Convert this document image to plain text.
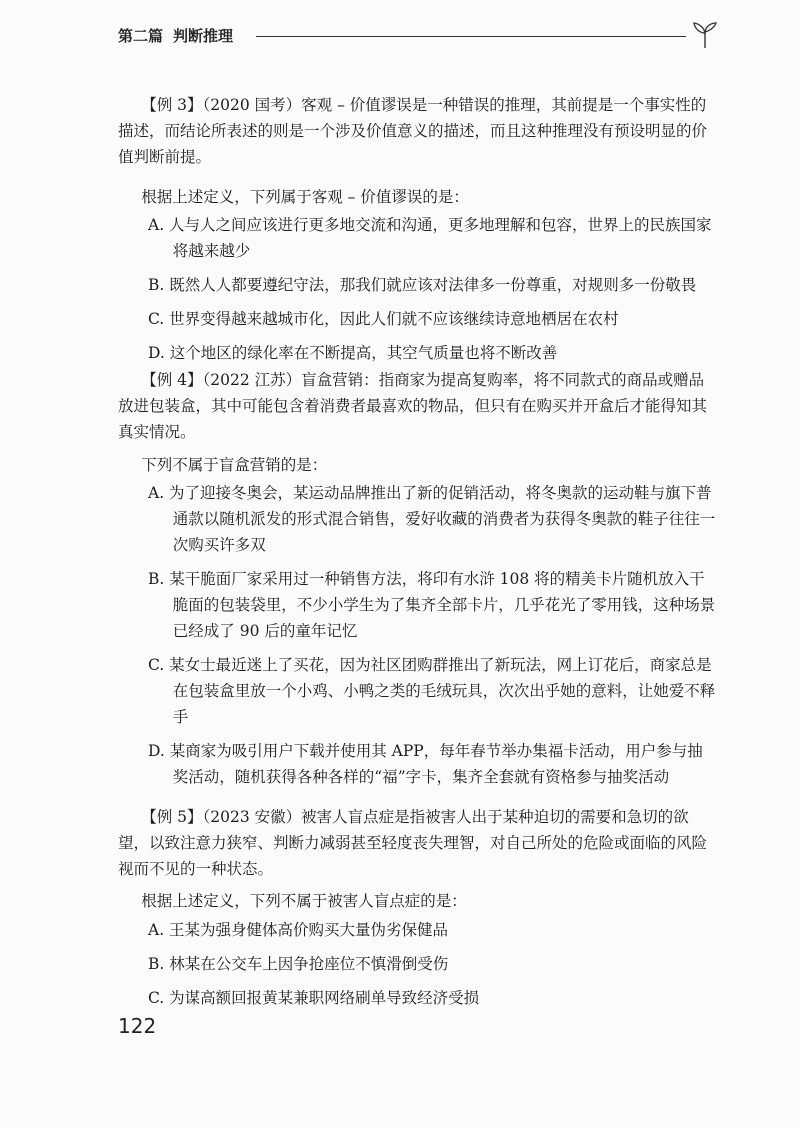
第二篇 判断推理
【例 3】（2020 国考）客观 – 价值谬误是一种错误的推理，其前提是一个事实性的描述，而结论所表述的则是一个涉及价值意义的描述，而且这种推理没有预设明显的价值判断前提。
根据上述定义，下列属于客观 – 价值谬误的是：
A. 人与人之间应该进行更多地交流和沟通，更多地理解和包容，世界上的民族国家将越来越少
B. 既然人人都要遵纪守法，那我们就应该对法律多一份尊重，对规则多一份敬畏
C. 世界变得越来越城市化，因此人们就不应该继续诗意地栖居在农村
D. 这个地区的绿化率在不断提高，其空气质量也将不断改善
【例 4】（2022 江苏）盲盒营销：指商家为提高复购率，将不同款式的商品或赠品放进包装盒，其中可能包含着消费者最喜欢的物品，但只有在购买并开盒后才能得知其真实情况。
下列不属于盲盒营销的是：
A. 为了迎接冬奥会，某运动品牌推出了新的促销活动，将冬奥款的运动鞋与旗下普通款以随机派发的形式混合销售，爱好收藏的消费者为获得冬奥款的鞋子往往一次购买许多双
B. 某干脆面厂家采用过一种销售方法，将印有水浒 108 将的精美卡片随机放入干脆面的包装袋里，不少小学生为了集齐全部卡片，几乎花光了零用钱，这种场景已经成了 90 后的童年记忆
C. 某女士最近迷上了买花，因为社区团购群推出了新玩法，网上订花后，商家总是在包装盒里放一个小鸡、小鸭之类的毛绒玩具，次次出乎她的意料，让她爱不释手
D. 某商家为吸引用户下载并使用其 APP，每年春节举办集福卡活动，用户参与抽奖活动，随机获得各种各样的“福”字卡，集齐全套就有资格参与抽奖活动
【例 5】（2023 安徽）被害人盲点症是指被害人出于某种迫切的需要和急切的欲望，以致注意力狭窄、判断力减弱甚至轻度丧失理智，对自己所处的危险或面临的风险视而不见的一种状态。
根据上述定义，下列不属于被害人盲点症的是：
A. 王某为强身健体高价购买大量伪劣保健品
B. 林某在公交车上因争抢座位不慎滑倒受伤
C. 为谋高额回报黄某兼职网络刷单导致经济受损
122
